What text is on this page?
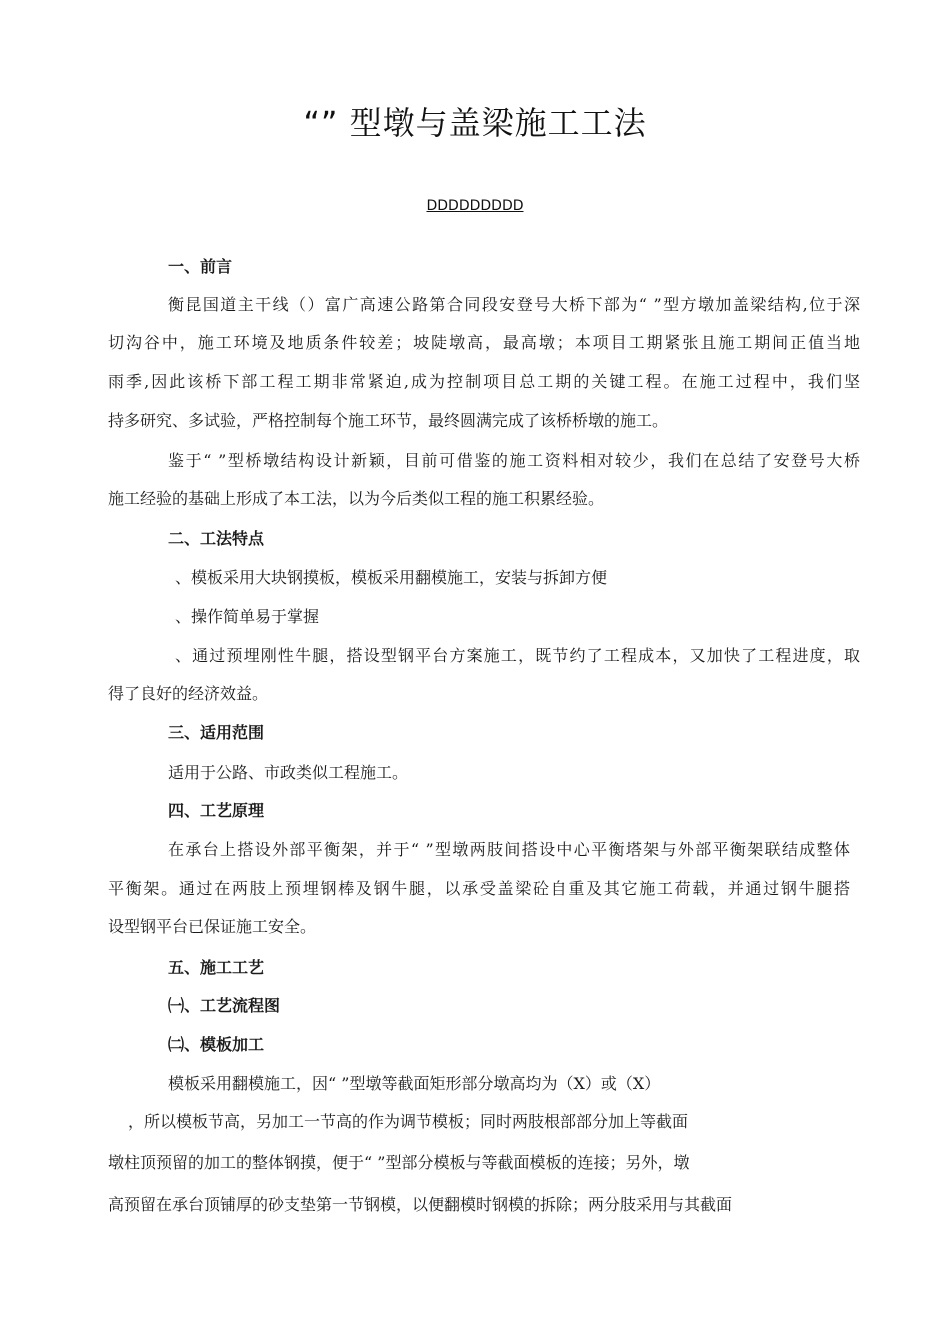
“” 型墩与盖梁施工工法
DDDDDDDDD
一、前言
衡昆国道主干线（）富广高速公路第合同段安登号大桥下部为“ ”型方墩加盖梁结构,位于深
切沟谷中，施工环境及地质条件较差；坡陡墩高，最高墩；本项目工期紧张且施工期间正值当地
雨季,因此该桥下部工程工期非常紧迫,成为控制项目总工期的关键工程。在施工过程中，我们坚
持多研究、多试验，严格控制每个施工环节，最终圆满完成了该桥桥墩的施工。
鉴于“ ”型桥墩结构设计新颖，目前可借鉴的施工资料相对较少，我们在总结了安登号大桥
施工经验的基础上形成了本工法，以为今后类似工程的施工积累经验。
二、工法特点
、模板采用大块钢摸板，模板采用翻模施工，安装与拆卸方便
、操作简单易于掌握
、通过预埋刚性牛腿，搭设型钢平台方案施工，既节约了工程成本，又加快了工程进度，取
得了良好的经济效益。
三、适用范围
适用于公路、市政类似工程施工。
四、工艺原理
在承台上搭设外部平衡架，并于“ ”型墩两肢间搭设中心平衡塔架与外部平衡架联结成整体
平衡架。通过在两肢上预埋钢棒及钢牛腿，以承受盖梁砼自重及其它施工荷载，并通过钢牛腿搭
设型钢平台已保证施工安全。
五、施工工艺
㈠、工艺流程图
㈡、模板加工
模板采用翻模施工，因“ ”型墩等截面矩形部分墩高均为（X）或（X）
，所以模板节高，另加工一节高的作为调节模板；同时两肢根部部分加上等截面
墩柱顶预留的加工的整体钢摸，便于“ ”型部分模板与等截面模板的连接；另外，墩
高预留在承台顶铺厚的砂支垫第一节钢模，以便翻模时钢模的拆除；两分肢采用与其截面
